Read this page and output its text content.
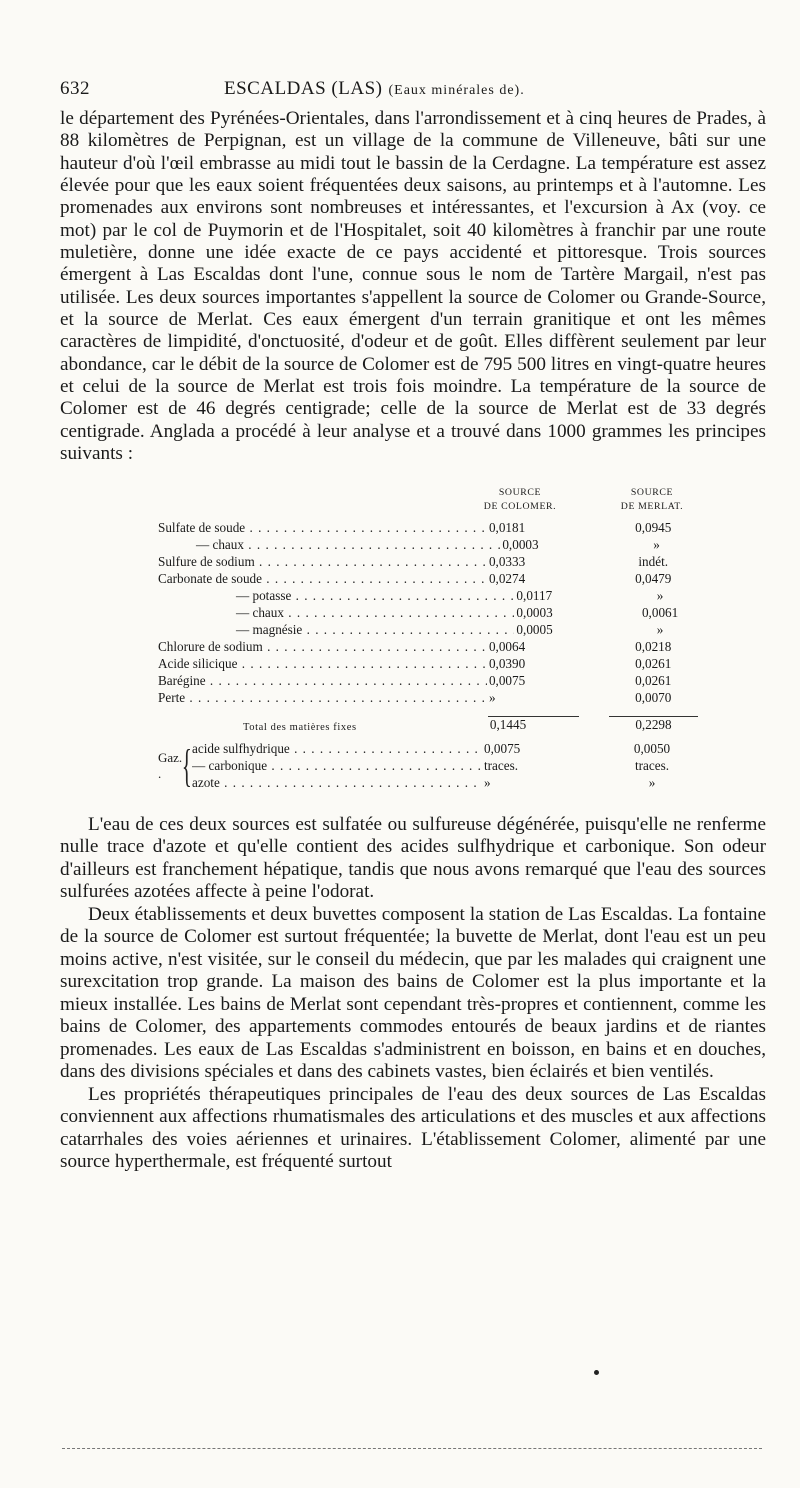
632	ESCALDAS (LAS) (Eaux minérales de).

le département des Pyrénées-Orientales, dans l'arrondissement et à cinq heures de Prades, à 88 kilomètres de Perpignan, est un village de la commune de Villeneuve, bâti sur une hauteur d'où l'œil embrasse au midi tout le bassin de la Cerdagne. La température est assez élevée pour que les eaux soient fréquentées deux saisons, au printemps et à l'automne. Les promenades aux environs sont nombreuses et intéressantes, et l'excursion à Ax (voy. ce mot) par le col de Puymorin et de l'Hospitalet, soit 40 kilomètres à franchir par une route muletière, donne une idée exacte de ce pays accidenté et pittoresque. Trois sources émergent à Las Escaldas dont l'une, connue sous le nom de Tartère Margail, n'est pas utilisée. Les deux sources importantes s'appellent la source de Colomer ou Grande-Source, et la source de Merlat. Ces eaux émergent d'un terrain granitique et ont les mêmes caractères de limpidité, d'onctuosité, d'odeur et de goût. Elles diffèrent seulement par leur abondance, car le débit de la source de Colomer est de 795 500 litres en vingt-quatre heures et celui de la source de Merlat est trois fois moindre. La température de la source de Colomer est de 46 degrés centigrade; celle de la source de Merlat est de 33 degrés centigrade. Anglada a procédé à leur analyse et a trouvé dans 1000 grammes les principes suivants :

SOURCE
DE COLOMER.
SOURCE
DE MERLAT.
Sulfate de soude . . .	0,0181	0,0945
— chaux . . .	0,0003	»
Sulfure de sodium . . .	0,0333	indét.
Carbonate de soude . . .	0,0274	0,0479
— potasse . . .	0,0117	»
— chaux . . .	0,0003	0,0061
— magnésie . . .	0,0005	»
Chlorure de sodium . . .	0,0064	0,0218
Acide silicique . . .	0,0390	0,0261
Barégine . . .	0,0075	0,0261
Perte . . .	»	0,0070
Total des matières fixes	0,1445	0,2298
Gaz. . { acide sulfhydrique . . .	0,0075	0,0050
— carbonique . . .	traces.	traces.
azote . . .	»	»

L'eau de ces deux sources est sulfatée ou sulfureuse dégénérée, puisqu'elle ne renferme nulle trace d'azote et qu'elle contient des acides sulfhydrique et carbonique. Son odeur d'ailleurs est franchement hépatique, tandis que nous avons remarqué que l'eau des sources sulfurées azotées affecte à peine l'odorat.

Deux établissements et deux buvettes composent la station de Las Escaldas. La fontaine de la source de Colomer est surtout fréquentée; la buvette de Merlat, dont l'eau est un peu moins active, n'est visitée, sur le conseil du médecin, que par les malades qui craignent une surexcitation trop grande. La maison des bains de Colomer est la plus importante et la mieux installée. Les bains de Merlat sont cependant très-propres et contiennent, comme les bains de Colomer, des appartements commodes entourés de beaux jardins et de riantes promenades. Les eaux de Las Escaldas s'administrent en boisson, en bains et en douches, dans des divisions spéciales et dans des cabinets vastes, bien éclairés et bien ventilés.

Les propriétés thérapeutiques principales de l'eau des deux sources de Las Escaldas conviennent aux affections rhumatismales des articulations et des muscles et aux affections catarrhales des voies aériennes et urinaires. L'établissement Colomer, alimenté par une source hyperthermale, est fréquenté surtout
